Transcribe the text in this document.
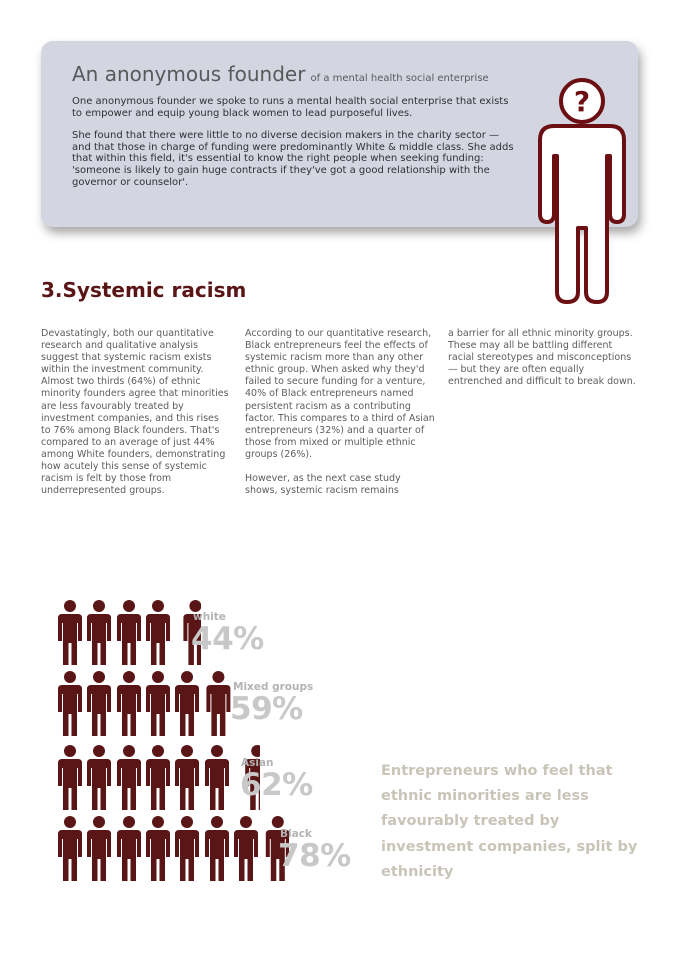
An anonymous founder of a mental health social enterprise

One anonymous founder we spoke to runs a mental health social enterprise that exists to empower and equip young black women to lead purposeful lives.

She found that there were little to no diverse decision makers in the charity sector — and that those in charge of funding were predominantly White & middle class. She adds that within this field, it's essential to know the right people when seeking funding: 'someone is likely to gain huge contracts if they've got a good relationship with the governor or counselor'.

?
3.Systemic racism

Devastatingly, both our quantitative research and qualitative analysis suggest that systemic racism exists within the investment community. Almost two thirds (64%) of ethnic minority founders agree that minorities are less favourably treated by investment companies, and this rises to 76% among Black founders. That's compared to an average of just 44% among White founders, demonstrating how acutely this sense of systemic racism is felt by those from underrepresented groups.

According to our quantitative research, Black entrepreneurs feel the effects of systemic racism more than any other ethnic group. When asked why they'd failed to secure funding for a venture, 40% of Black entrepreneurs named persistent racism as a contributing factor. This compares to a third of Asian entrepreneurs (32%) and a quarter of those from mixed or multiple ethnic groups (26%).

However, as the next case study shows, systemic racism remains

a barrier for all ethnic minority groups. These may all be battling different racial stereotypes and misconceptions — but they are often equally entrenched and difficult to break down.

white
44%
Mixed groups
59%
Asian
62%
Black
78%
Entrepreneurs who feel that ethnic minorities are less favourably treated by investment companies, split by ethnicity
